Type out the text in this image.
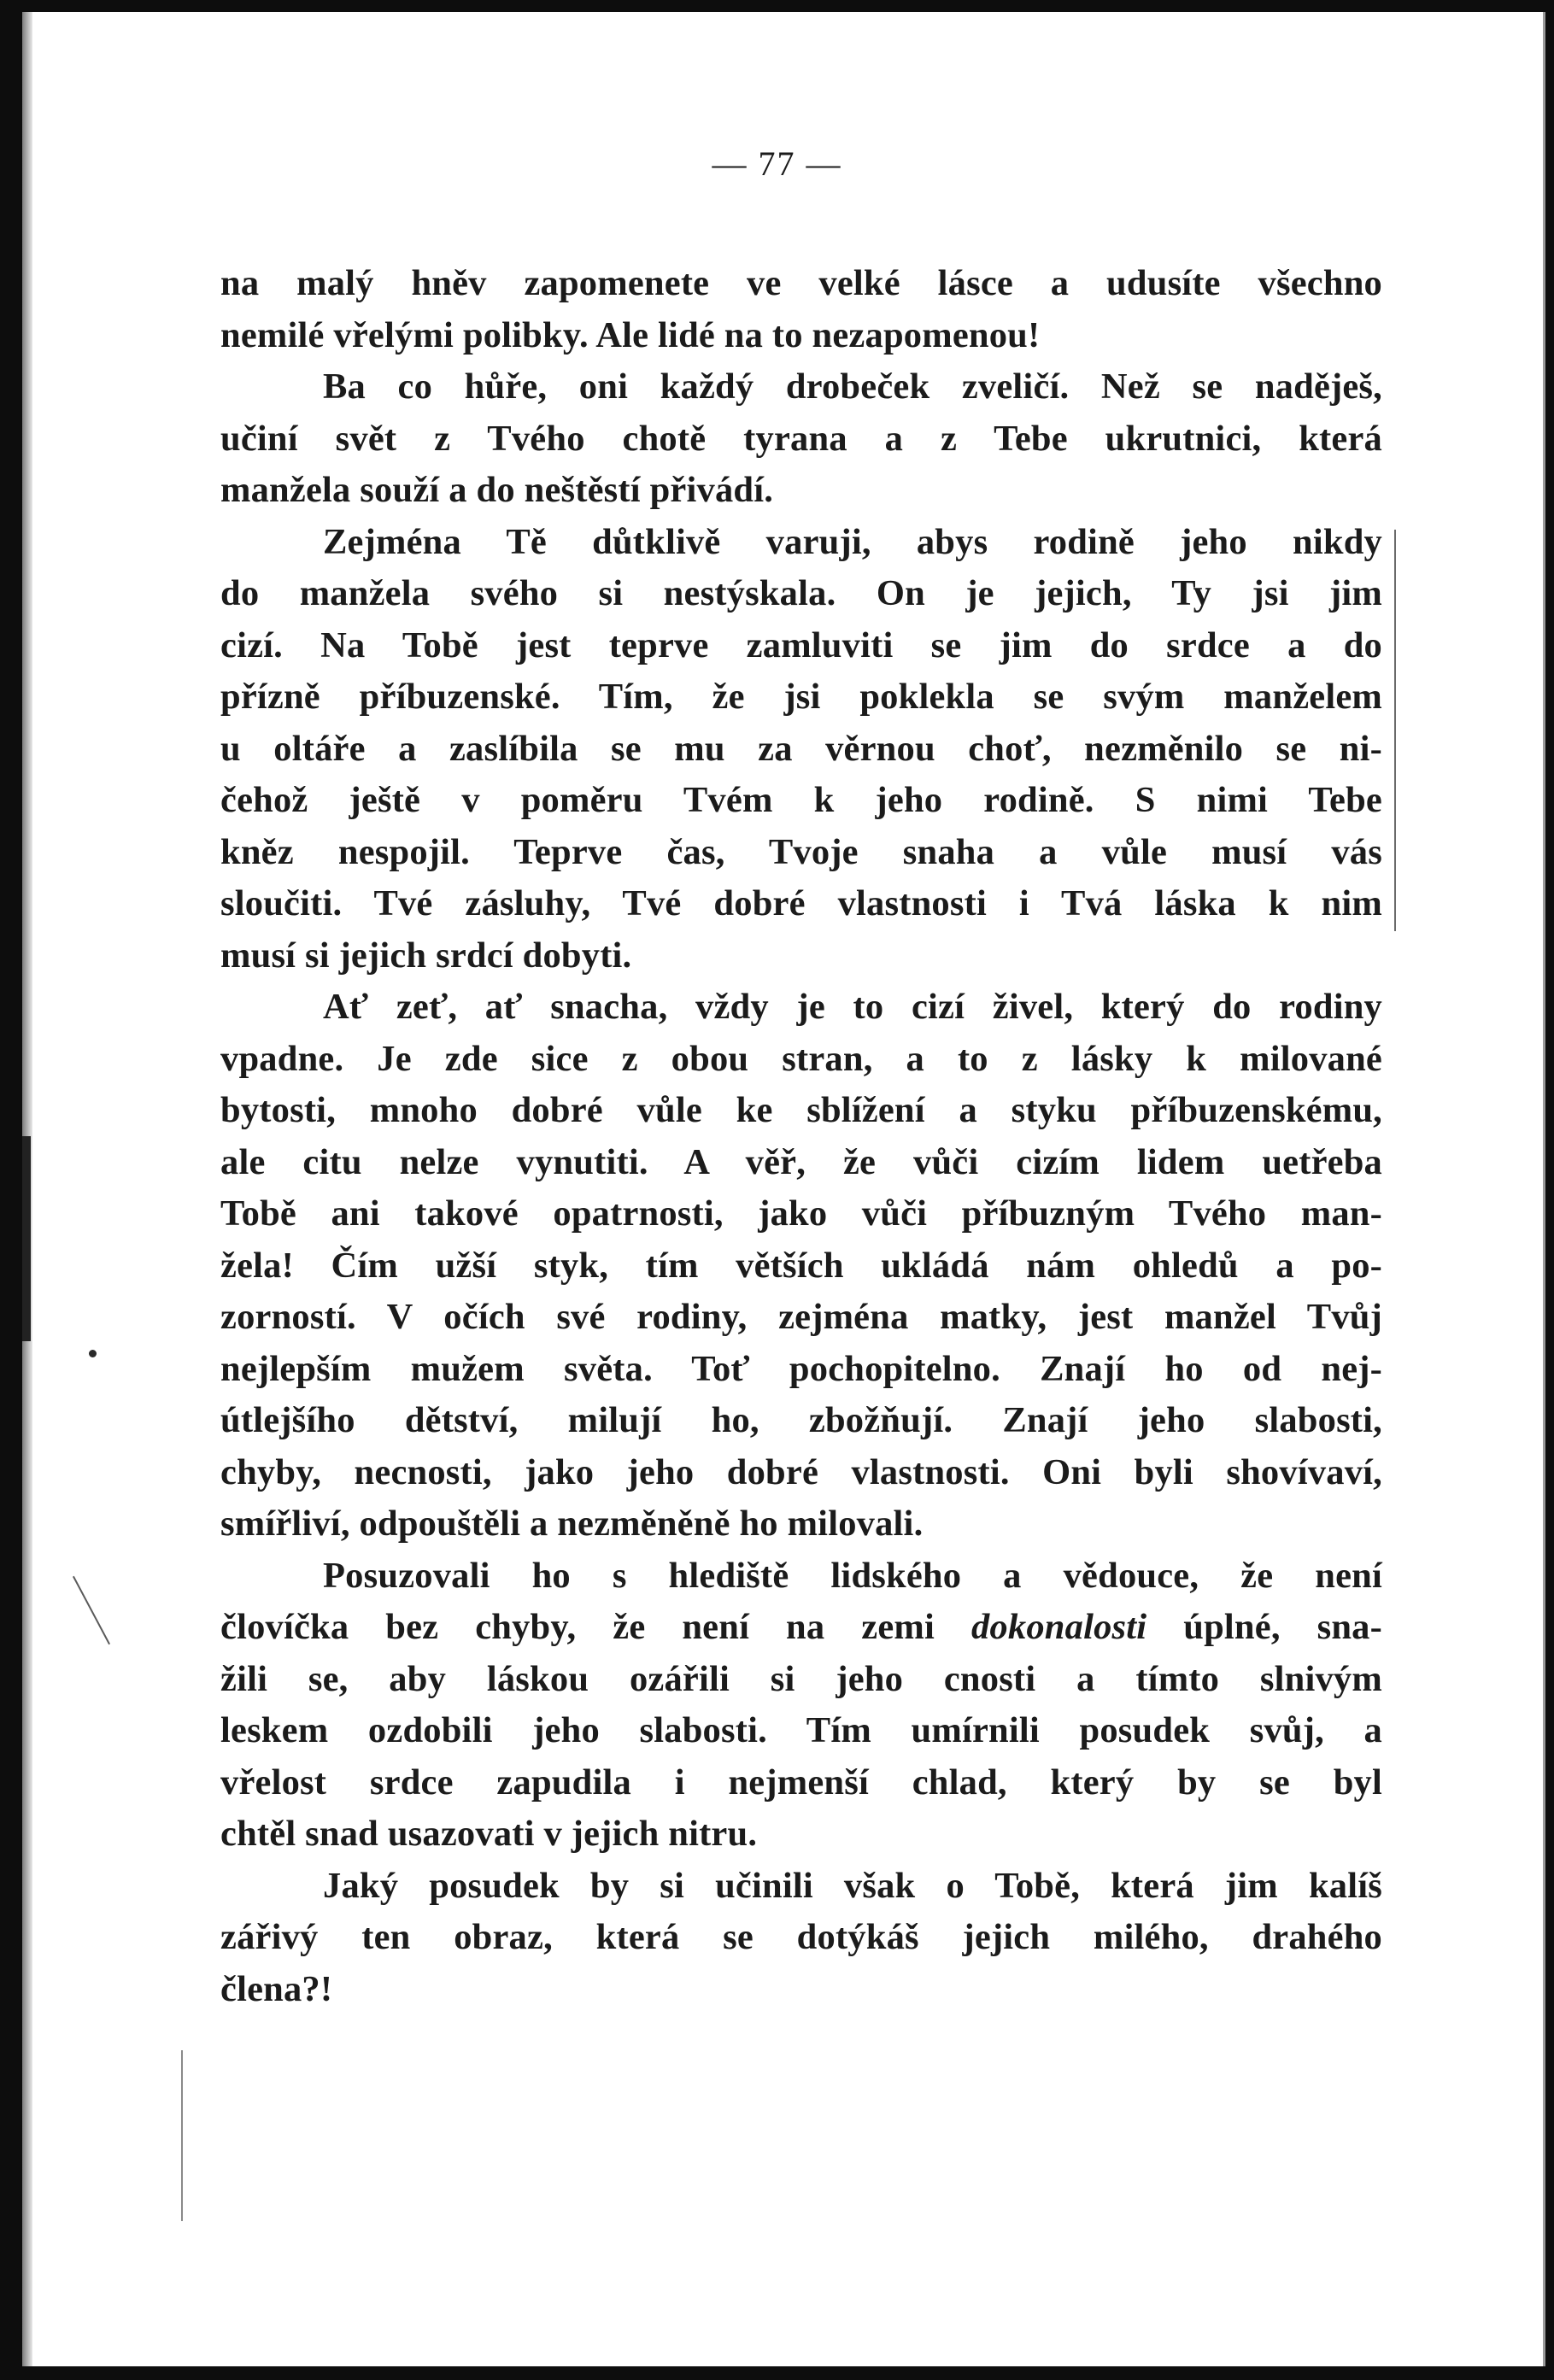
— 77 —
na malý hněv zapomenete ve velké lásce a udusíte všechno
nemilé vřelými polibky. Ale lidé na to nezapomenou!
Ba co hůře, oni každý drobeček zveličí. Než se naděješ,
učiní svět z Tvého chotě tyrana a z Tebe ukrutnici, která
manžela souží a do neštěstí přivádí.
Zejména Tě důtklivě varuji, abys rodině jeho nikdy
do manžela svého si nestýskala. On je jejich, Ty jsi jim
cizí. Na Tobě jest teprve zamluviti se jim do srdce a do
přízně příbuzenské. Tím, že jsi poklekla se svým manželem
u oltáře a zaslíbila se mu za věrnou choť, nezměnilo se ni-
čehož ještě v poměru Tvém k jeho rodině. S nimi Tebe
kněz nespojil. Teprve čas, Tvoje snaha a vůle musí vás
sloučiti. Tvé zásluhy, Tvé dobré vlastnosti i Tvá láska k nim
musí si jejich srdcí dobyti.
Ať zeť, ať snacha, vždy je to cizí živel, který do rodiny
vpadne. Je zde sice z obou stran, a to z lásky k milované
bytosti, mnoho dobré vůle ke sblížení a styku příbuzenskému,
ale citu nelze vynutiti. A věř, že vůči cizím lidem uetřeba
Tobě ani takové opatrnosti, jako vůči příbuzným Tvého man-
žela! Čím užší styk, tím větších ukládá nám ohledů a po-
zorností. V očích své rodiny, zejména matky, jest manžel Tvůj
nejlepším mužem světa. Toť pochopitelno. Znají ho od nej-
útlejšího dětství, milují ho, zbožňují. Znají jeho slabosti,
chyby, necnosti, jako jeho dobré vlastnosti. Oni byli shovívaví,
smířliví, odpouštěli a nezměněně ho milovali.
Posuzovali ho s hlediště lidského a vědouce, že není
človíčka bez chyby, že není na zemi dokonalosti úplné, sna-
žili se, aby láskou ozářili si jeho cnosti a tímto slnivým
leskem ozdobili jeho slabosti. Tím umírnili posudek svůj, a
vřelost srdce zapudila i nejmenší chlad, který by se byl
chtěl snad usazovati v jejich nitru.
Jaký posudek by si učinili však o Tobě, která jim kalíš
zářivý ten obraz, která se dotýkáš jejich milého, drahého
člena?!
